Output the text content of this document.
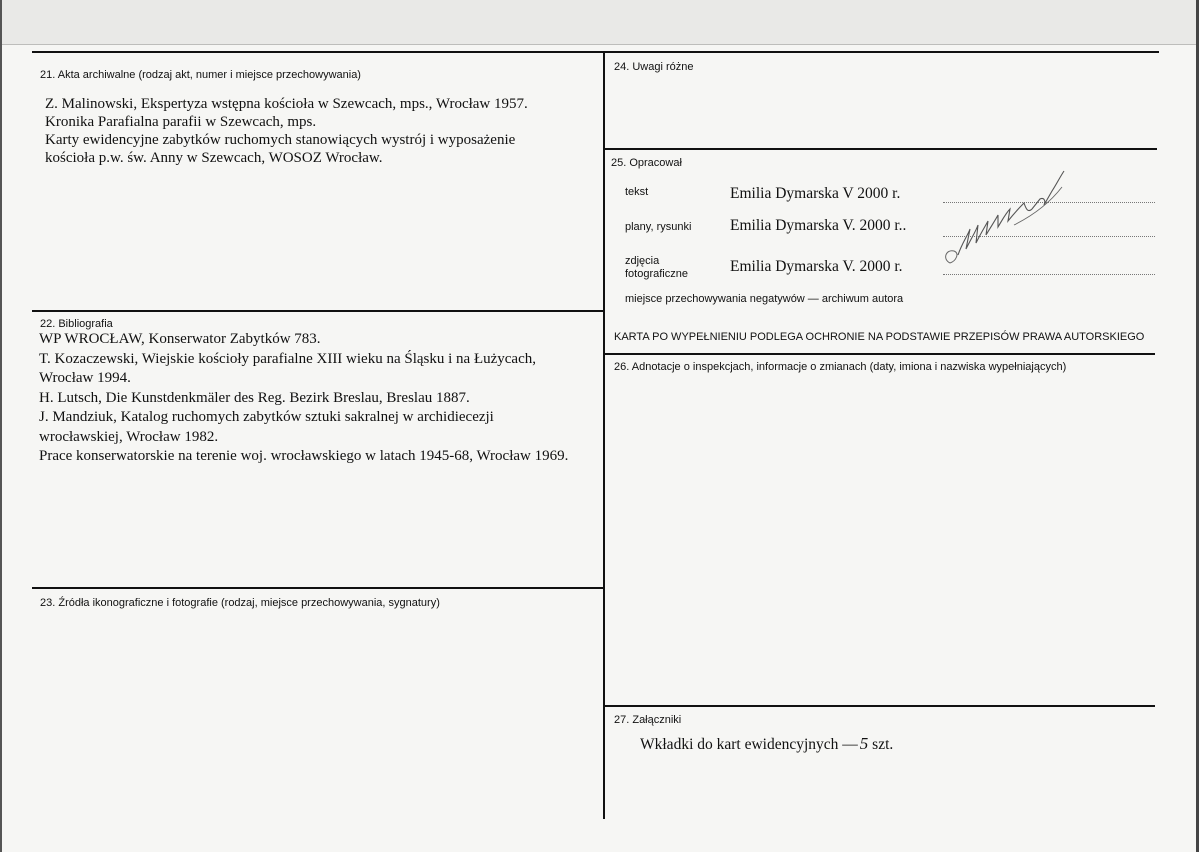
21. Akta archiwalne (rodzaj akt, numer i miejsce przechowywania)
Z. Malinowski, Ekspertyza wstępna kościoła w Szewcach, mps., Wrocław 1957.
Kronika Parafialna parafii w Szewcach, mps.
Karty ewidencyjne zabytków ruchomych stanowiących wystrój i wyposażenie
kościoła p.w. św. Anny w Szewcach, WOSOZ Wrocław.
22. Bibliografia
WP WROCŁAW, Konserwator Zabytków 783.
T. Kozaczewski, Wiejskie kościoły parafialne XIII wieku na Śląsku i na Łużycach,
Wrocław 1994.
H. Lutsch, Die Kunstdenkmäler des Reg. Bezirk Breslau, Breslau 1887.
J. Mandziuk, Katalog ruchomych zabytków sztuki sakralnej w archidiecezji
wrocławskiej, Wrocław 1982.
Prace konserwatorskie na terenie woj. wrocławskiego w latach 1945-68, Wrocław 1969.
23. Źródła ikonograficzne i fotografie (rodzaj, miejsce przechowywania, sygnatury)
24. Uwagi różne
25. Opracował
tekst	Emilia Dymarska V 2000 r.
plany, rysunki Emilia Dymarska V. 2000 r..
zdjęcia
fotograficzne	Emilia Dymarska V. 2000 r.
miejsce przechowywania negatywów — archiwum autora
KARTA PO WYPEŁNIENIU PODLEGA OCHRONIE NA PODSTAWIE PRZEPISÓW PRAWA AUTORSKIEGO
26. Adnotacje o inspekcjach, informacje o zmianach (daty, imiona i nazwiska wypełniających)
27. Załączniki
Wkładki do kart ewidencyjnych — 5 szt.
